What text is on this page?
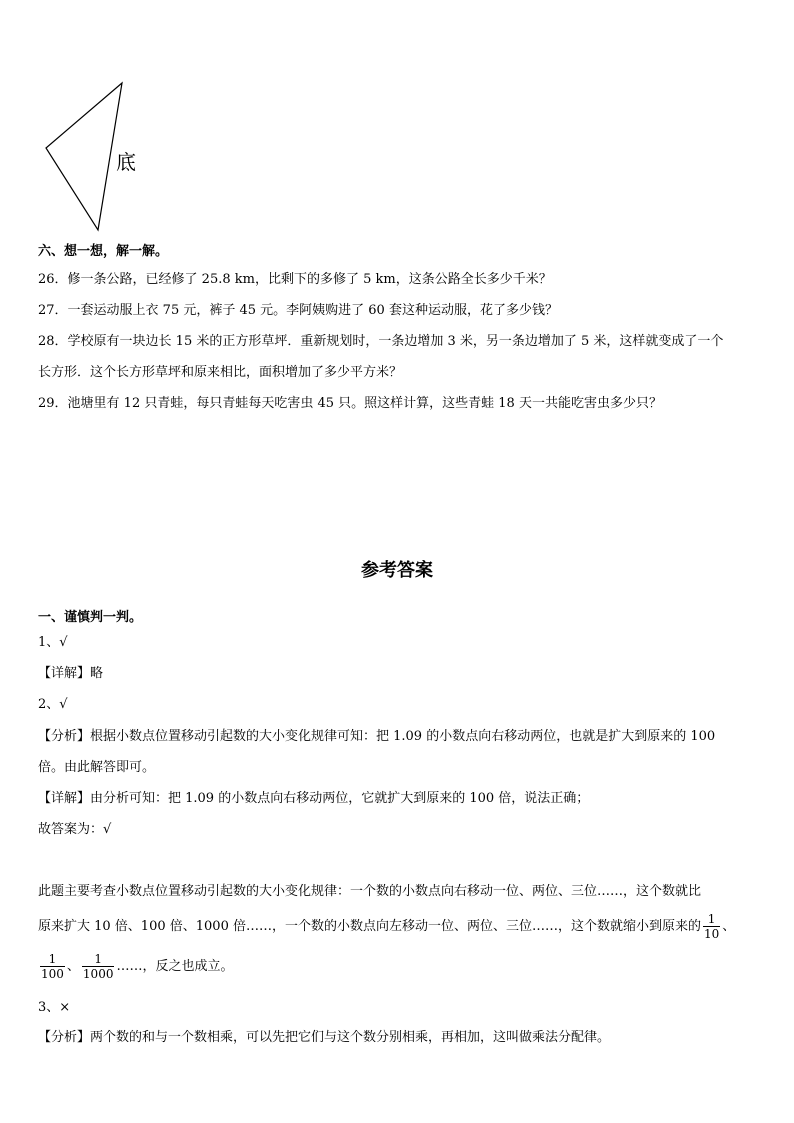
底
六、想一想，解一解。
26．修一条公路，已经修了 25.8 km，比剩下的多修了 5 km，这条公路全长多少千米？
27．一套运动服上衣 75 元，裤子 45 元。李阿姨购进了 60 套这种运动服，花了多少钱？
28．学校原有一块边长 15 米的正方形草坪．重新规划时，一条边增加 3 米，另一条边增加了 5 米，这样就变成了一个
长方形．这个长方形草坪和原来相比，面积增加了多少平方米？
29．池塘里有 12 只青蛙，每只青蛙每天吃害虫 45 只。照这样计算，这些青蛙 18 天一共能吃害虫多少只？
参考答案
一、谨慎判一判。
1、√
【详解】略
2、√
【分析】根据小数点位置移动引起数的大小变化规律可知：把 1.09 的小数点向右移动两位，也就是扩大到原来的 100
倍。由此解答即可。
【详解】由分析可知：把 1.09 的小数点向右移动两位，它就扩大到原来的 100 倍，说法正确；
故答案为：√
此题主要考查小数点位置移动引起数的大小变化规律：一个数的小数点向右移动一位、两位、三位……，这个数就比
原来扩大 10 倍、100 倍、1000 倍……，一个数的小数点向左移动一位、两位、三位……，这个数就缩小到原来的 $\frac{1}{10}$ 、
$\frac{1}{100}$ 、 $\frac{1}{1000}$ ……，反之也成立。
3、×
【分析】两个数的和与一个数相乘，可以先把它们与这个数分别相乘，再相加，这叫做乘法分配律。
